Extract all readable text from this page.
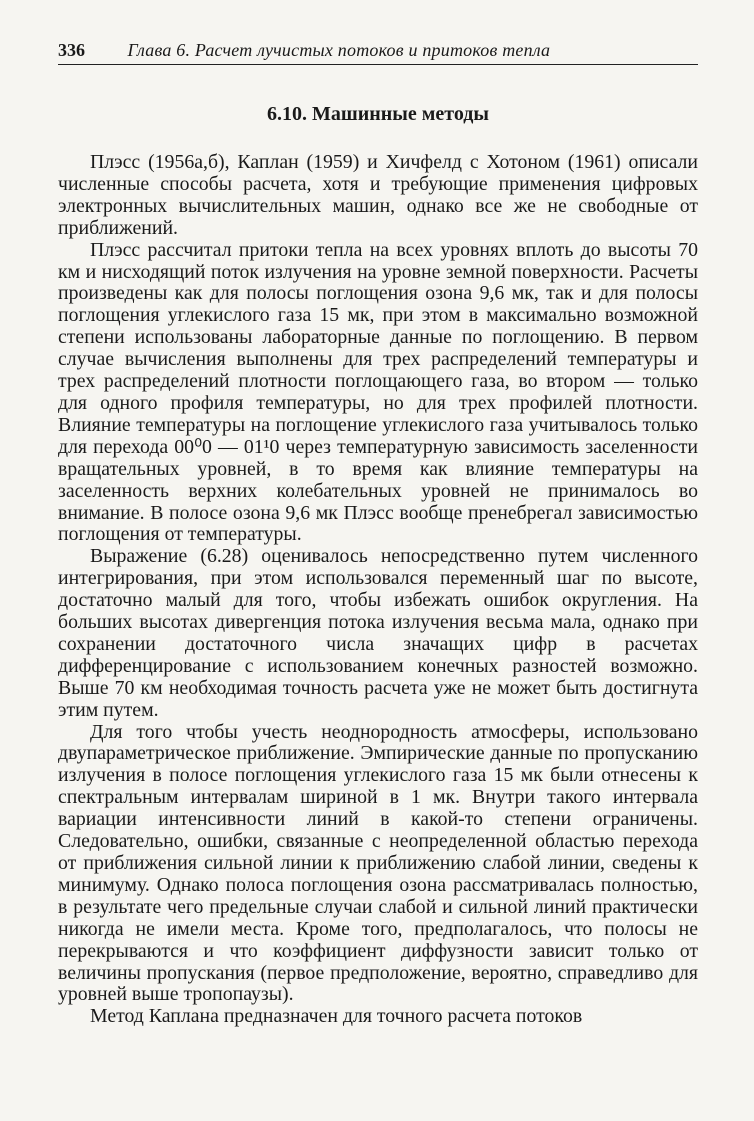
336 Глава 6. Расчет лучистых потоков и притоков тепла
6.10. Машинные методы

Плэсс (1956а,б), Каплан (1959) и Хичфелд с Хотоном (1961) описали численные способы расчета, хотя и требующие применения цифровых электронных вычислительных машин, однако все же не свободные от приближений.

Плэсс рассчитал притоки тепла на всех уровнях вплоть до высоты 70 км и нисходящий поток излучения на уровне земной поверхности. Расчеты произведены как для полосы поглощения озона 9,6 мк, так и для полосы поглощения углекислого газа 15 мк, при этом в максимально возможной степени использованы лабораторные данные по поглощению. В первом случае вычисления выполнены для трех распределений температуры и трех распределений плотности поглощающего газа, во втором — только для одного профиля температуры, но для трех профилей плотности. Влияние температуры на поглощение углекислого газа учитывалось только для перехода 00⁰0 — 01¹0 через температурную зависимость заселенности вращательных уровней, в то время как влияние температуры на заселенность верхних колебательных уровней не принималось во внимание. В полосе озона 9,6 мк Плэсс вообще пренебрегал зависимостью поглощения от температуры.

Выражение (6.28) оценивалось непосредственно путем численного интегрирования, при этом использовался переменный шаг по высоте, достаточно малый для того, чтобы избежать ошибок округления. На больших высотах дивергенция потока излучения весьма мала, однако при сохранении достаточного числа значащих цифр в расчетах дифференцирование с использованием конечных разностей возможно. Выше 70 км необходимая точность расчета уже не может быть достигнута этим путем.

Для того чтобы учесть неоднородность атмосферы, использовано двупараметрическое приближение. Эмпирические данные по пропусканию излучения в полосе поглощения углекислого газа 15 мк были отнесены к спектральным интервалам шириной в 1 мк. Внутри такого интервала вариации интенсивности линий в какой-то степени ограничены. Следовательно, ошибки, связанные с неопределенной областью перехода от приближения сильной линии к приближению слабой линии, сведены к минимуму. Однако полоса поглощения озона рассматривалась полностью, в результате чего предельные случаи слабой и сильной линий практически никогда не имели места. Кроме того, предполагалось, что полосы не перекрываются и что коэффициент диффузности зависит только от величины пропускания (первое предположение, вероятно, справедливо для уровней выше тропопаузы).

Метод Каплана предназначен для точного расчета потоков
